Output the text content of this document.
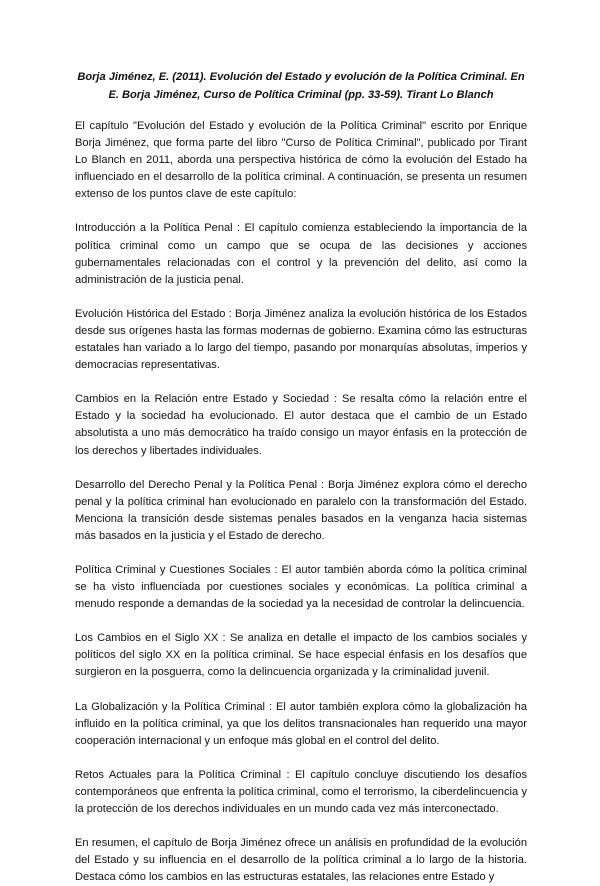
Borja Jiménez, E. (2011). Evolución del Estado y evolución de la Política Criminal. En E. Borja Jiménez, Curso de Política Criminal (pp. 33-59). Tirant Lo Blanch
El capítulo "Evolución del Estado y evolución de la Política Criminal" escrito por Enrique Borja Jiménez, que forma parte del libro "Curso de Política Criminal", publicado por Tirant Lo Blanch en 2011, aborda una perspectiva histórica de cómo la evolución del Estado ha influenciado en el desarrollo de la política criminal. A continuación, se presenta un resumen extenso de los puntos clave de este capítulo:
Introducción a la Política Penal : El capítulo comienza estableciendo la importancia de la política criminal como un campo que se ocupa de las decisiones y acciones gubernamentales relacionadas con el control y la prevención del delito, así como la administración de la justicia penal.
Evolución Histórica del Estado : Borja Jiménez analiza la evolución histórica de los Estados desde sus orígenes hasta las formas modernas de gobierno. Examina cómo las estructuras estatales han variado a lo largo del tiempo, pasando por monarquías absolutas, imperios y democracias representativas.
Cambios en la Relación entre Estado y Sociedad : Se resalta cómo la relación entre el Estado y la sociedad ha evolucionado. El autor destaca que el cambio de un Estado absolutista a uno más democrático ha traído consigo un mayor énfasis en la protección de los derechos y libertades individuales.
Desarrollo del Derecho Penal y la Política Penal : Borja Jiménez explora cómo el derecho penal y la política criminal han evolucionado en paralelo con la transformación del Estado. Menciona la transición desde sistemas penales basados en la venganza hacia sistemas más basados en la justicia y el Estado de derecho.
Política Criminal y Cuestiones Sociales : El autor también aborda cómo la política criminal se ha visto influenciada por cuestiones sociales y económicas. La política criminal a menudo responde a demandas de la sociedad ya la necesidad de controlar la delincuencia.
Los Cambios en el Siglo XX : Se analiza en detalle el impacto de los cambios sociales y políticos del siglo XX en la política criminal. Se hace especial énfasis en los desafíos que surgieron en la posguerra, como la delincuencia organizada y la criminalidad juvenil.
La Globalización y la Política Criminal : El autor también explora cómo la globalización ha influido en la política criminal, ya que los delitos transnacionales han requerido una mayor cooperación internacional y un enfoque más global en el control del delito.
Retos Actuales para la Política Criminal : El capítulo concluye discutiendo los desafíos contemporáneos que enfrenta la política criminal, como el terrorismo, la ciberdelincuencia y la protección de los derechos individuales en un mundo cada vez más interconectado.
En resumen, el capítulo de Borja Jiménez ofrece un análisis en profundidad de la evolución del Estado y su influencia en el desarrollo de la política criminal a lo largo de la historia. Destaca cómo los cambios en las estructuras estatales, las relaciones entre Estado y
